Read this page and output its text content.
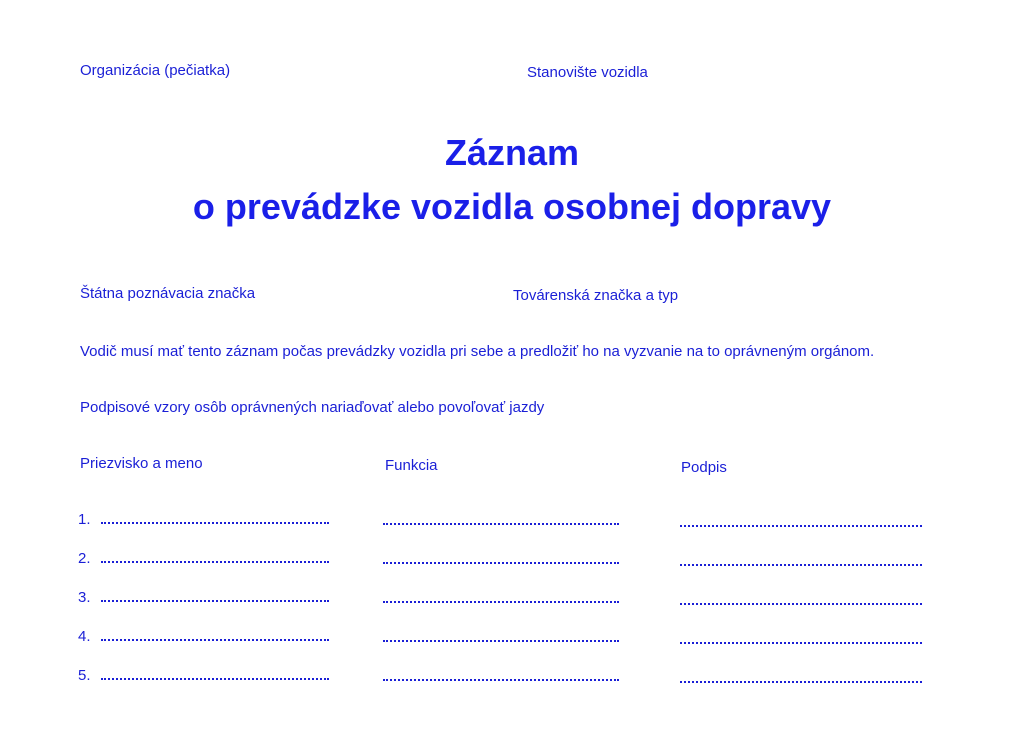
Organizácia (pečiatka)	Stanovište vozidla
Záznam
o prevádzke vozidla osobnej dopravy
Štátna poznávacia značka	Továrenská značka a typ
Vodič musí mať tento záznam počas prevádzky vozidla pri sebe a predložiť ho na vyzvanie na to oprávneným orgánom.
Podpisové vzory osôb oprávnených nariaďovať alebo povoľovať jazdy
Priezvisko a meno	Funkcia	Podpis
1.
2.
3.
4.
5.
